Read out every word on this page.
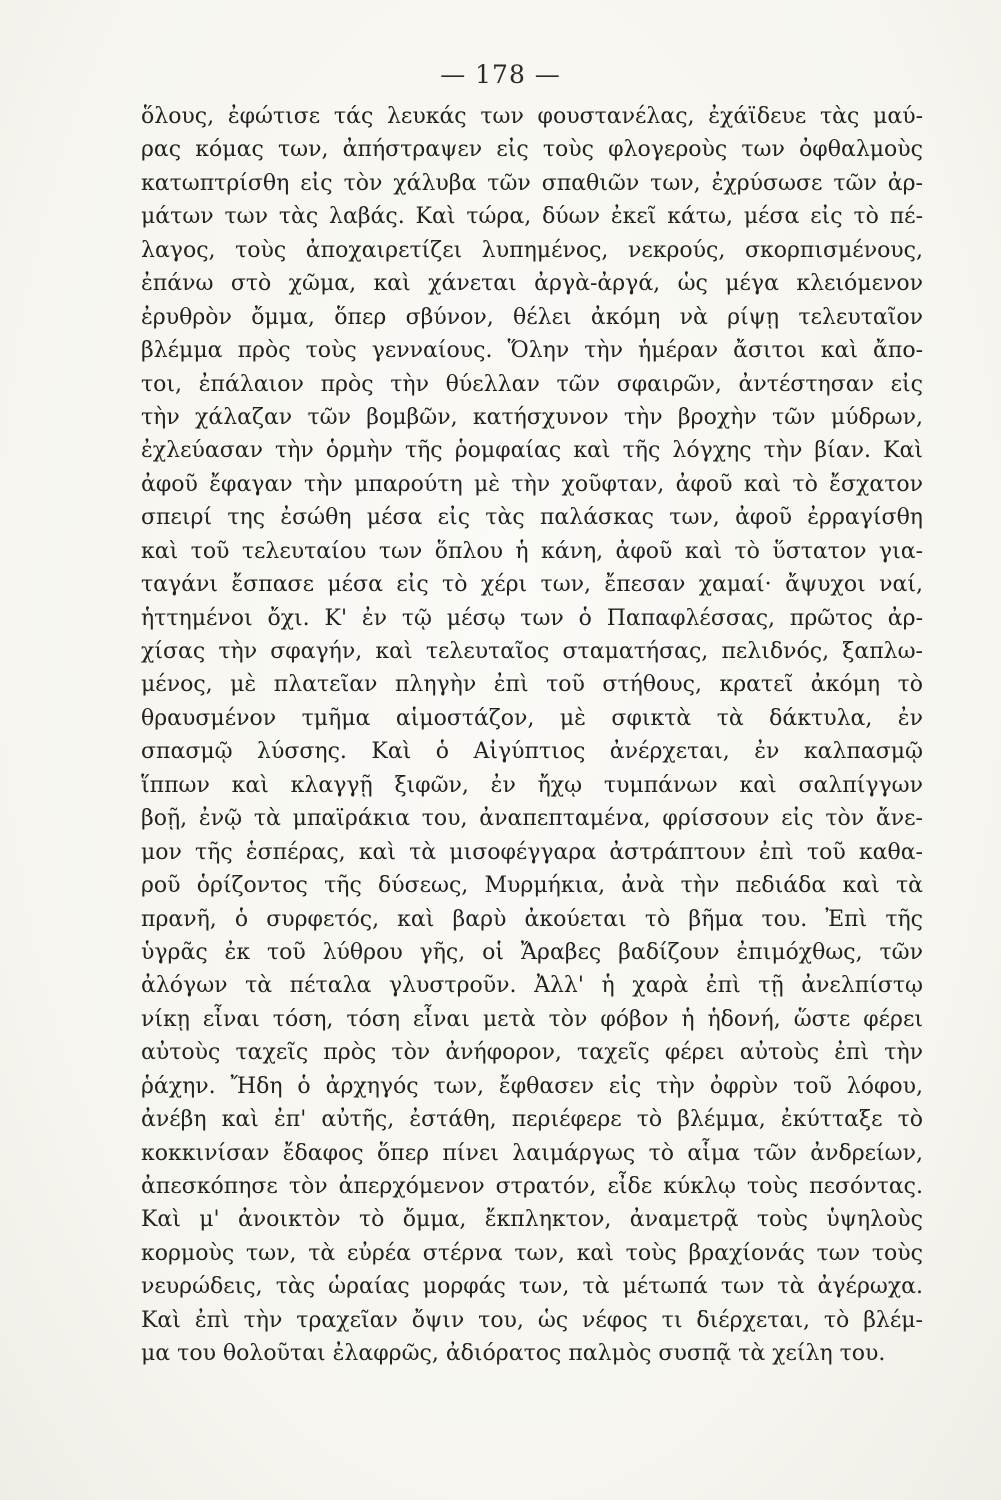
— 178 —
ὅλους, ἐφώτισε τάς λευκάς των φουστανέλας, ἐχάϊδευε τὰς μαύ-
ρας κόμας των, ἀπήστραψεν εἰς τοὺς φλογεροὺς των ὀφθαλμοὺς
κατωπτρίσθη εἰς τὸν χάλυβα τῶν σπαθιῶν των, ἐχρύσωσε τῶν ἀρ-
μάτων των τὰς λαβάς. Καὶ τώρα, δύων ἐκεῖ κάτω, μέσα εἰς τὸ πέ-
λαγος, τοὺς ἀποχαιρετίζει λυπημένος, νεκρούς, σκορπισμένους,
ἐπάνω στὸ χῶμα, καὶ χάνεται ἀργὰ-ἀργά, ὡς μέγα κλειόμενον
ἐρυθρὸν ὄμμα, ὅπερ σβύνον, θέλει ἀκόμη νὰ ρίψῃ τελευταῖον
βλέμμα πρὸς τοὺς γενναίους. Ὅλην τὴν ἡμέραν ἄσιτοι καὶ ἄπο-
τοι, ἐπάλαιον πρὸς τὴν θύελλαν τῶν σφαιρῶν, ἀντέστησαν εἰς
τὴν χάλαζαν τῶν βομβῶν, κατήσχυνον τὴν βροχὴν τῶν μύδρων,
ἐχλεύασαν τὴν ὁρμὴν τῆς ῥομφαίας καὶ τῆς λόγχης τὴν βίαν. Καὶ
ἀφοῦ ἔφαγαν τὴν μπαρούτη μὲ τὴν χοῦφταν, ἀφοῦ καὶ τὸ ἔσχατον
σπειρί της ἐσώθη μέσα εἰς τὰς παλάσκας των, ἀφοῦ ἐρραγίσθη
καὶ τοῦ τελευταίου των ὅπλου ἡ κάνη, ἀφοῦ καὶ τὸ ὕστατον για-
ταγάνι ἔσπασε μέσα εἰς τὸ χέρι των, ἔπεσαν χαμαί· ἄψυχοι ναί,
ἡττημένοι ὄχι. Κ' ἐν τῷ μέσῳ των ὁ Παπαφλέσσας, πρῶτος ἀρ-
χίσας τὴν σφαγήν, καὶ τελευταῖος σταματήσας, πελιδνός, ξαπλω-
μένος, μὲ πλατεῖαν πληγὴν ἐπὶ τοῦ στήθους, κρατεῖ ἀκόμη τὸ
θραυσμένον τμῆμα αἱμοστάζον, μὲ σφικτὰ τὰ δάκτυλα, ἐν
σπασμῷ λύσσης. Καὶ ὁ Αἰγύπτιος ἀνέρχεται, ἐν καλπασμῷ
ἵππων καὶ κλαγγῇ ξιφῶν, ἐν ἤχῳ τυμπάνων καὶ σαλπίγγων
βοῇ, ἐνῷ τὰ μπαϊράκια του, ἀναπεπταμένα, φρίσσουν εἰς τὸν ἄνε-
μον τῆς ἑσπέρας, καὶ τὰ μισοφέγγαρα ἀστράπτουν ἐπὶ τοῦ καθα-
ροῦ ὁρίζοντος τῆς δύσεως, Μυρμήκια, ἀνὰ τὴν πεδιάδα καὶ τὰ
πρανῆ, ὁ συρφετός, καὶ βαρὺ ἀκούεται τὸ βῆμα του. Ἐπὶ τῆς
ὑγρᾶς ἐκ τοῦ λύθρου γῆς, οἱ Ἄραβες βαδίζουν ἐπιμόχθως, τῶν
ἀλόγων τὰ πέταλα γλυστροῦν. Ἀλλ' ἡ χαρὰ ἐπὶ τῇ ἀνελπίστῳ
νίκῃ εἶναι τόση, τόση εἶναι μετὰ τὸν φόβον ἡ ἡδονή, ὥστε φέρει
αὐτοὺς ταχεῖς πρὸς τὸν ἀνήφορον, ταχεῖς φέρει αὐτοὺς ἐπὶ τὴν
ῥάχην. Ἤδη ὁ ἀρχηγός των, ἔφθασεν εἰς τὴν ὀφρὺν τοῦ λόφου,
ἀνέβη καὶ ἐπ' αὐτῆς, ἐστάθη, περιέφερε τὸ βλέμμα, ἐκύτταξε τὸ
κοκκινίσαν ἔδαφος ὅπερ πίνει λαιμάργως τὸ αἷμα τῶν ἀνδρείων,
ἀπεσκόπησε τὸν ἀπερχόμενον στρατόν, εἶδε κύκλῳ τοὺς πεσόντας.
Καὶ μ' ἀνοικτὸν τὸ ὄμμα, ἔκπληκτον, ἀναμετρᾷ τοὺς ὑψηλοὺς
κορμοὺς των, τὰ εὐρέα στέρνα των, καὶ τοὺς βραχίονάς των τοὺς
νευρώδεις, τὰς ὡραίας μορφάς των, τὰ μέτωπά των τὰ ἀγέρωχα.
Καὶ ἐπὶ τὴν τραχεῖαν ὄψιν του, ὡς νέφος τι διέρχεται, τὸ βλέμ-
μα του θολοῦται ἐλαφρῶς, ἀδιόρατος παλμὸς συσπᾷ τὰ χείλη του.
